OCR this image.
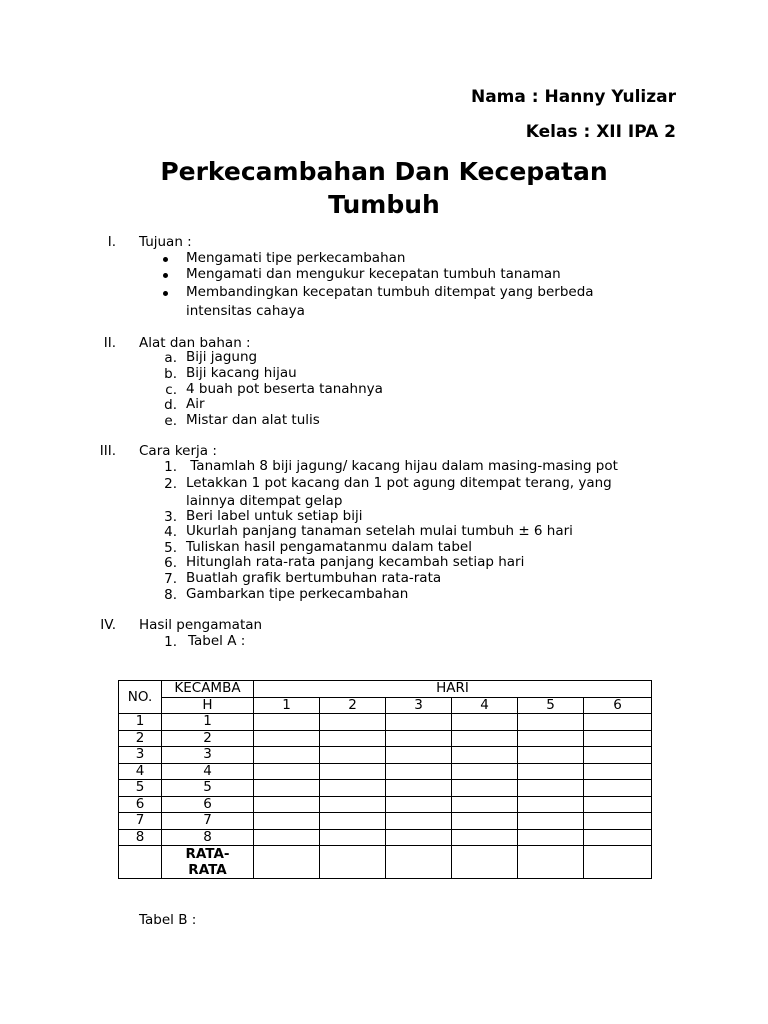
Nama : Hanny Yulizar
Kelas : XII IPA 2
Perkecambahan Dan Kecepatan
Tumbuh
I. Tujuan :
Mengamati tipe perkecambahan
Mengamati dan mengukur kecepatan tumbuh tanaman
Membandingkan kecepatan tumbuh ditempat yang berbeda
intensitas cahaya
II. Alat dan bahan :
a. Biji jagung
b. Biji kacang hijau
c. 4 buah pot beserta tanahnya
d. Air
e. Mistar dan alat tulis
III. Cara kerja :
1. Tanamlah 8 biji jagung/ kacang hijau dalam masing-masing pot
2. Letakkan 1 pot kacang dan 1 pot agung ditempat terang, yang
lainnya ditempat gelap
3. Beri label untuk setiap biji
4. Ukurlah panjang tanaman setelah mulai tumbuh ± 6 hari
5. Tuliskan hasil pengamatanmu dalam tabel
6. Hitunglah rata-rata panjang kecambah setiap hari
7. Buatlah grafik bertumbuhan rata-rata
8. Gambarkan tipe perkecambahan
IV. Hasil pengamatan
1. Tabel A :
NO.	KECAMBA	HARI					
	H	1	2	3	4	5	6
1	1						
2	2						
3	3						
4	4						
5	5						
6	6						
7	7						
8	8						
	RATA-
RATA						
Tabel B :
